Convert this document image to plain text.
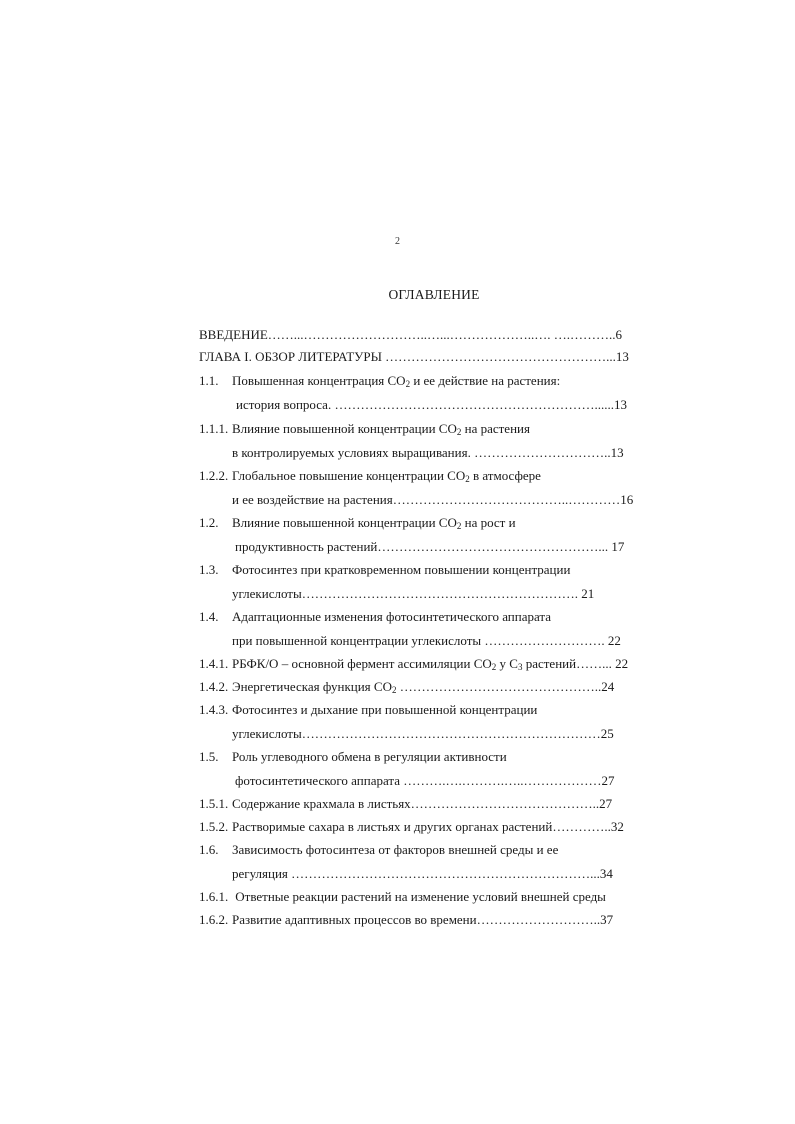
2
ОГЛАВЛЕНИЕ
ВВЕДЕНИЕ……...………………………..…...………………..…. ….………..6
ГЛАВА I. ОБЗОР ЛИТЕРАТУРЫ ……………………………………………...13
1.1. Повышенная концентрация $СО_2$ и ее действие на растения:
история вопроса. ……………………………………………………......13
1.1.1. Влияние повышенной концентрации $СО_2$ на растения
в контролируемых условиях выращивания. …………………………..13
1.2.2. Глобальное повышение концентрации $СО_2$ в атмосфере
и ее воздействие на растения…………………………………..…………16
1.2. Влияние повышенной концентрации $СО_2$ на рост и
продуктивность растений……………………………………………... 17
1.3. Фотосинтез при кратковременном повышении концентрации
углекислоты………………………………………………………. 21
1.4. Адаптационные изменения фотосинтетического аппарата
при повышенной концентрации углекислоты ………………………. 22
1.4.1. РБФК/О – основной фермент ассимиляции $СО_2$ у $С_3$ растений……... 22
1.4.2. Энергетическая функция $СО_2$ ………………………………………..24
1.4.3. Фотосинтез и дыхание при повышенной концентрации
углекислоты……………………………………………………………25
1.5. Роль углеводного обмена в регуляции активности
фотосинтетического аппарата ……….….……….…..………………27
1.5.1. Содержание крахмала в листьях……………………………………..27
1.5.2. Растворимые сахара в листьях и других органах растений…………..32
1.6. Зависимость фотосинтеза от факторов внешней среды и ее
регуляция ……………………………………………………………...34
1.6.1. Ответные реакции растений на изменение условий внешней среды
1.6.2. Развитие адаптивных процессов во времени………………………..37
